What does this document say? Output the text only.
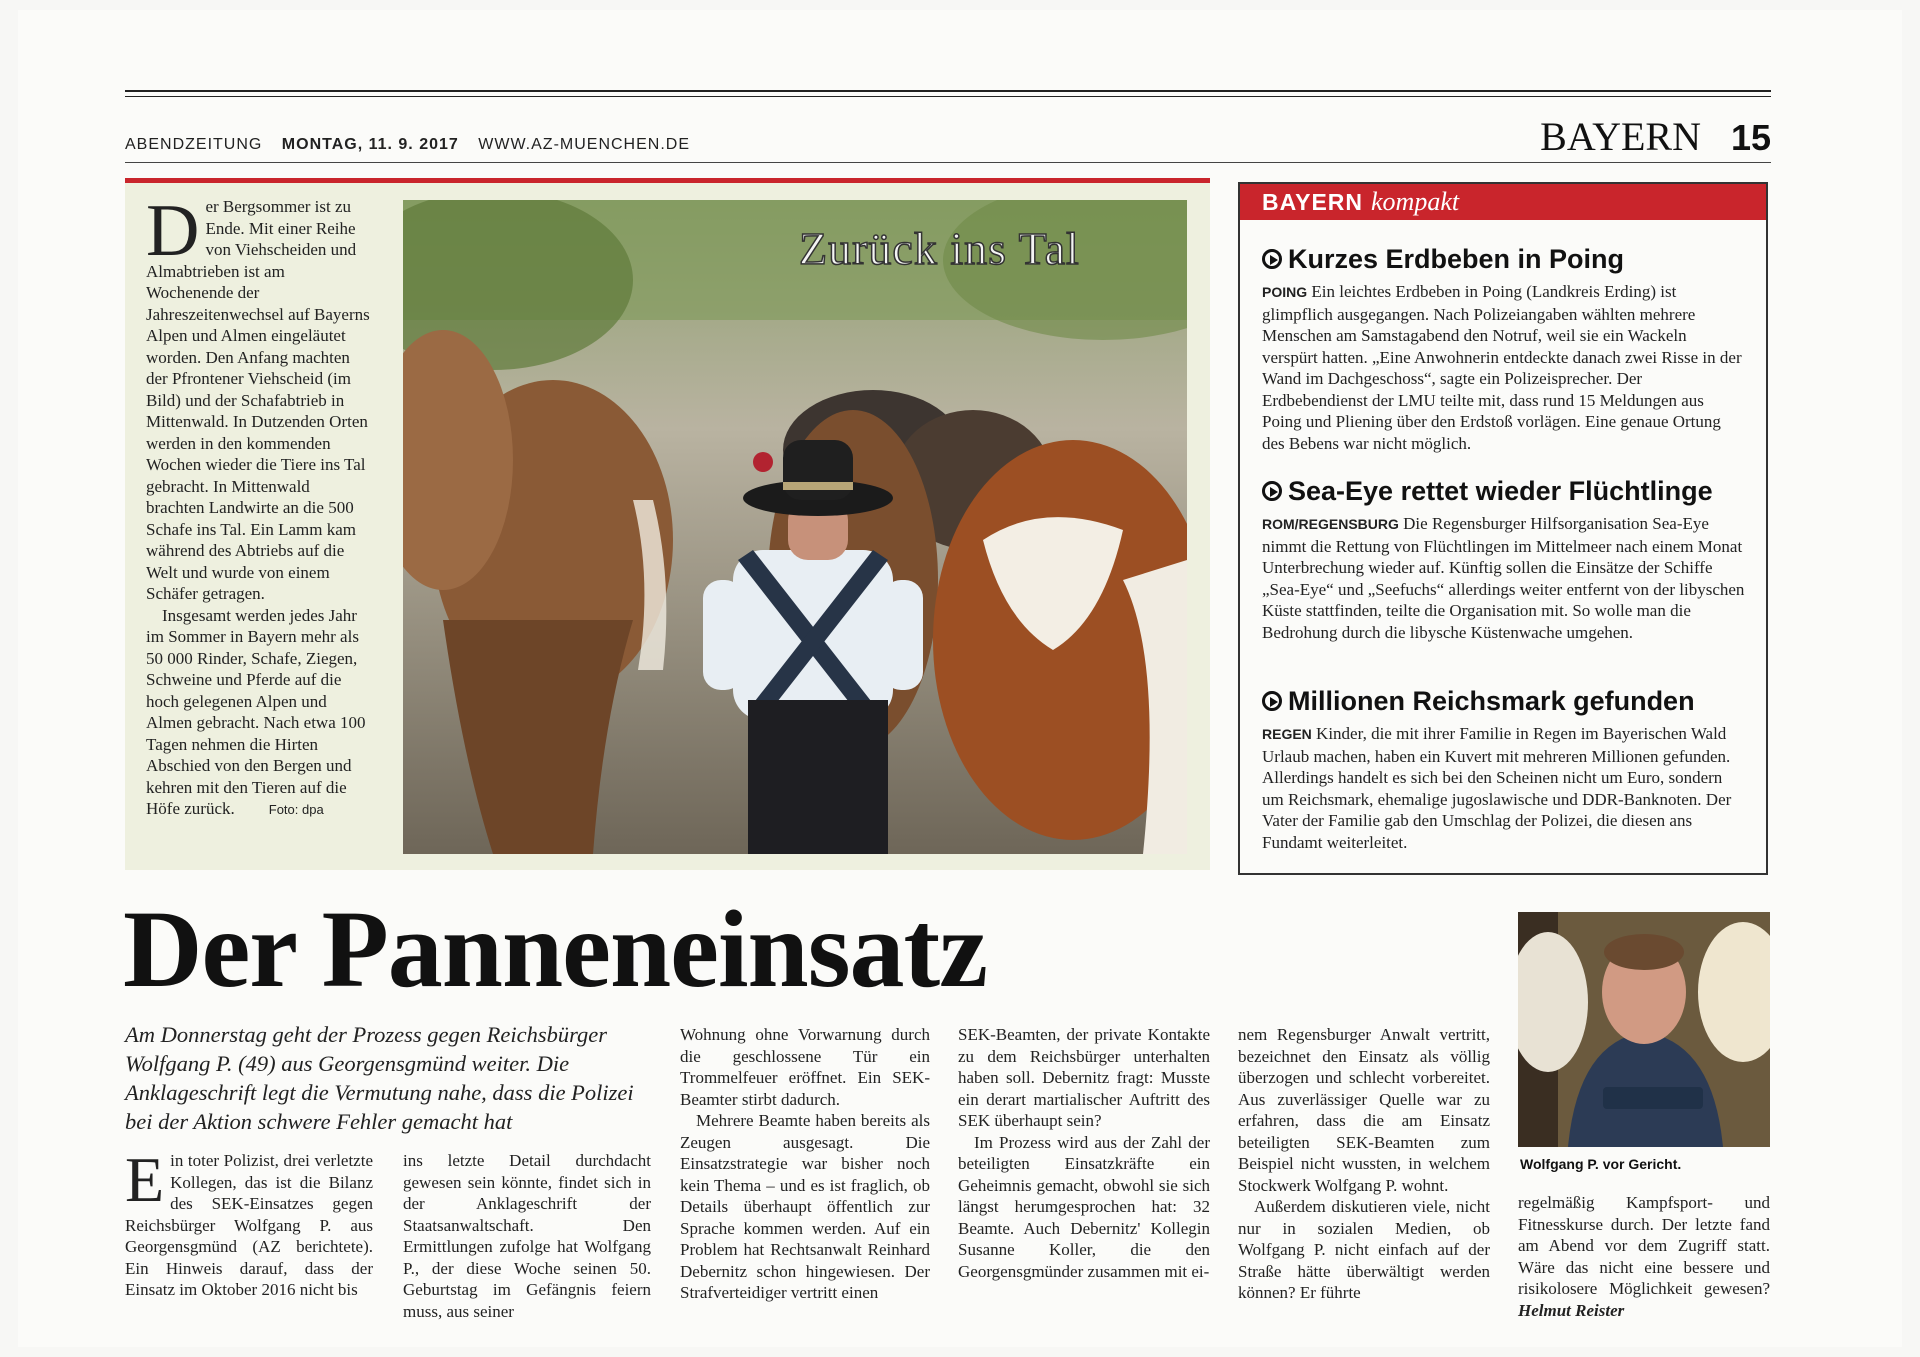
ABENDZEITUNG MONTAG, 11. 9. 2017 WWW.AZ-MUENCHEN.DE	BAYERN 15

Der Bergsommer ist zu Ende. Mit einer Reihe von Viehscheiden und Almabtrieben ist am Wochenende der Jahreszeitenwechsel auf Bayerns Alpen und Almen eingeläutet worden. Den Anfang machten der Pfrontener Viehscheid (im Bild) und der Schafabtrieb in Mittenwald. In Dutzenden Orten werden in den kommenden Wochen wieder die Tiere ins Tal gebracht. In Mittenwald brachten Landwirte an die 500 Schafe ins Tal. Ein Lamm kam während des Abtriebs auf die Welt und wurde von einem Schäfer getragen.

Insgesamt werden jedes Jahr im Sommer in Bayern mehr als 50 000 Rinder, Schafe, Ziegen, Schweine und Pferde auf die hoch gelegenen Alpen und Almen gebracht. Nach etwa 100 Tagen nehmen die Hirten Abschied von den Bergen und kehren mit den Tieren auf die Höfe zurück.	Foto: dpa

Zurück ins Tal
BAYERN kompakt
Kurzes Erdbeben in Poing

POING Ein leichtes Erdbeben in Poing (Landkreis Erding) ist glimpflich ausgegangen. Nach Polizeiangaben wählten mehrere Menschen am Samstagabend den Notruf, weil sie ein Wackeln verspürt hatten. „Eine Anwohnerin entdeckte danach zwei Risse in der Wand im Dachgeschoss“, sagte ein Polizeisprecher. Der Erdbebendienst der LMU teilte mit, dass rund 15 Meldungen aus Poing und Pliening über den Erdstoß vorlägen. Eine genaue Ortung des Bebens war nicht möglich.

Sea-Eye rettet wieder Flüchtlinge

ROM/REGENSBURG Die Regensburger Hilfsorganisation Sea-Eye nimmt die Rettung von Flüchtlingen im Mittelmeer nach einem Monat Unterbrechung wieder auf. Künftig sollen die Einsätze der Schiffe „Sea-Eye“ und „Seefuchs“ allerdings weiter entfernt von der libyschen Küste stattfinden, teilte die Organisation mit. So wolle man die Bedrohung durch die libysche Küstenwache umgehen.

Millionen Reichsmark gefunden

REGEN Kinder, die mit ihrer Familie in Regen im Bayerischen Wald Urlaub machen, haben ein Kuvert mit mehreren Millionen gefunden. Allerdings handelt es sich bei den Scheinen nicht um Euro, sondern um Reichsmark, ehemalige jugoslawische und DDR-Banknoten. Der Vater der Familie gab den Umschlag der Polizei, die diesen ans Fundamt weiterleitet.

Der Panneneinsatz
Am Donnerstag geht der Prozess gegen Reichsbürger Wolfgang P. (49) aus Georgensgmünd weiter. Die Anklageschrift legt die Vermutung nahe, dass die Polizei bei der Aktion schwere Fehler gemacht hat

Ein toter Polizist, drei verletzte Kollegen, das ist die Bilanz des SEK-Einsatzes gegen Reichsbürger Wolfgang P. aus Georgensgmünd (AZ berichtete). Ein Hinweis darauf, dass der Einsatz im Oktober 2016 nicht bis

ins letzte Detail durchdacht gewesen sein könnte, findet sich in der Anklageschrift der Staatsanwaltschaft. Den Ermittlungen zufolge hat Wolfgang P., der diese Woche seinen 50. Geburtstag im Gefängnis feiern muss, aus seiner

Wohnung ohne Vorwarnung durch die geschlossene Tür ein Trommelfeuer eröffnet. Ein SEK-Beamter stirbt dadurch.

Mehrere Beamte haben bereits als Zeugen ausgesagt. Die Einsatzstrategie war bisher noch kein Thema – und es ist fraglich, ob Details überhaupt öffentlich zur Sprache kommen werden. Auf ein Problem hat Rechtsanwalt Reinhard Debernitz schon hingewiesen. Der Strafverteidiger vertritt einen

SEK-Beamten, der private Kontakte zu dem Reichsbürger unterhalten haben soll. Debernitz fragt: Musste ein derart martialischer Auftritt des SEK überhaupt sein?

Im Prozess wird aus der Zahl der beteiligten Einsatzkräfte ein Geheimnis gemacht, obwohl sie sich längst herumgesprochen hat: 32 Beamte. Auch Debernitz' Kollegin Susanne Koller, die den Georgensgmünder zusammen mit ei-

nem Regensburger Anwalt vertritt, bezeichnet den Einsatz als völlig überzogen und schlecht vorbereitet. Aus zuverlässiger Quelle war zu erfahren, dass die am Einsatz beteiligten SEK-Beamten zum Beispiel nicht wussten, in welchem Stockwerk Wolfgang P. wohnt.

Außerdem diskutieren viele, nicht nur in sozialen Medien, ob Wolfgang P. nicht einfach auf der Straße hätte überwältigt werden können? Er führte

Wolfgang P. vor Gericht.

regelmäßig Kampfsport- und Fitnesskurse durch. Der letzte fand am Abend vor dem Zugriff statt. Wäre das nicht eine bessere und risikolosere Möglichkeit gewesen? Helmut Reister
